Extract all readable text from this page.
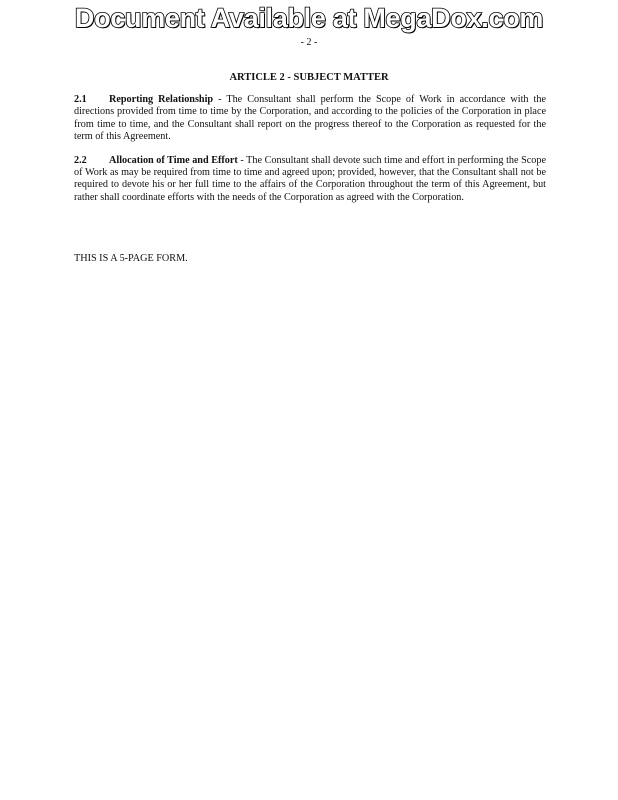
Document Available at MegaDox.com
- 2 -
ARTICLE 2 - SUBJECT MATTER

2.1 Reporting Relationship - The Consultant shall perform the Scope of Work in accordance with the directions provided from time to time by the Corporation, and according to the policies of the Corporation in place from time to time, and the Consultant shall report on the progress thereof to the Corporation as requested for the term of this Agreement.

2.2 Allocation of Time and Effort - The Consultant shall devote such time and effort in performing the Scope of Work as may be required from time to time and agreed upon; provided, however, that the Consultant shall not be required to devote his or her full time to the affairs of the Corporation throughout the term of this Agreement, but rather shall coordinate efforts with the needs of the Corporation as agreed with the Corporation.

THIS IS A 5-PAGE FORM.
